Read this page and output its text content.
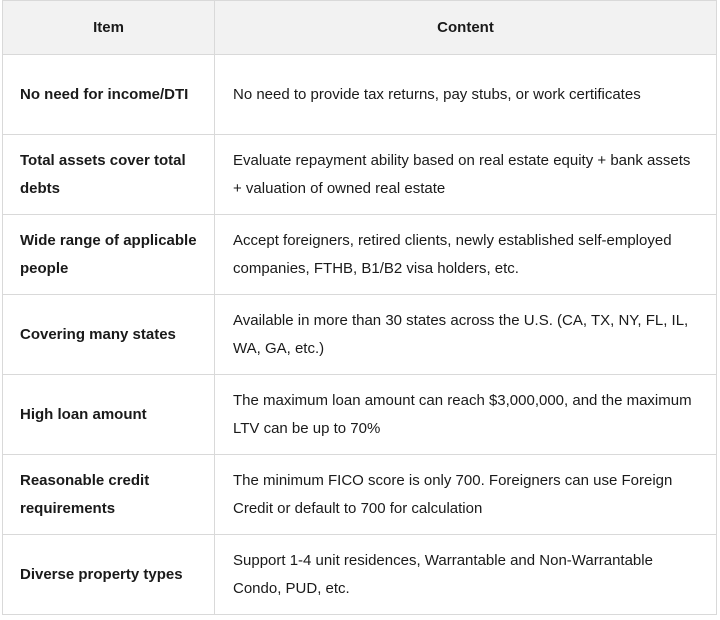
Item	Content
No need for income/DTI	No need to provide tax returns, pay stubs, or work certificates
Total assets cover total debts	Evaluate repayment ability based on real estate equity + bank assets + valuation of owned real estate
Wide range of applicable people	Accept foreigners, retired clients, newly established self-employed companies, FTHB, B1/B2 visa holders, etc.
Covering many states	Available in more than 30 states across the U.S. (CA, TX, NY, FL, IL, WA, GA, etc.)
High loan amount	The maximum loan amount can reach $3,000,000, and the maximum LTV can be up to 70%
Reasonable credit requirements	The minimum FICO score is only 700. Foreigners can use Foreign Credit or default to 700 for calculation
Diverse property types	Support 1-4 unit residences, Warrantable and Non-Warrantable Condo, PUD, etc.
